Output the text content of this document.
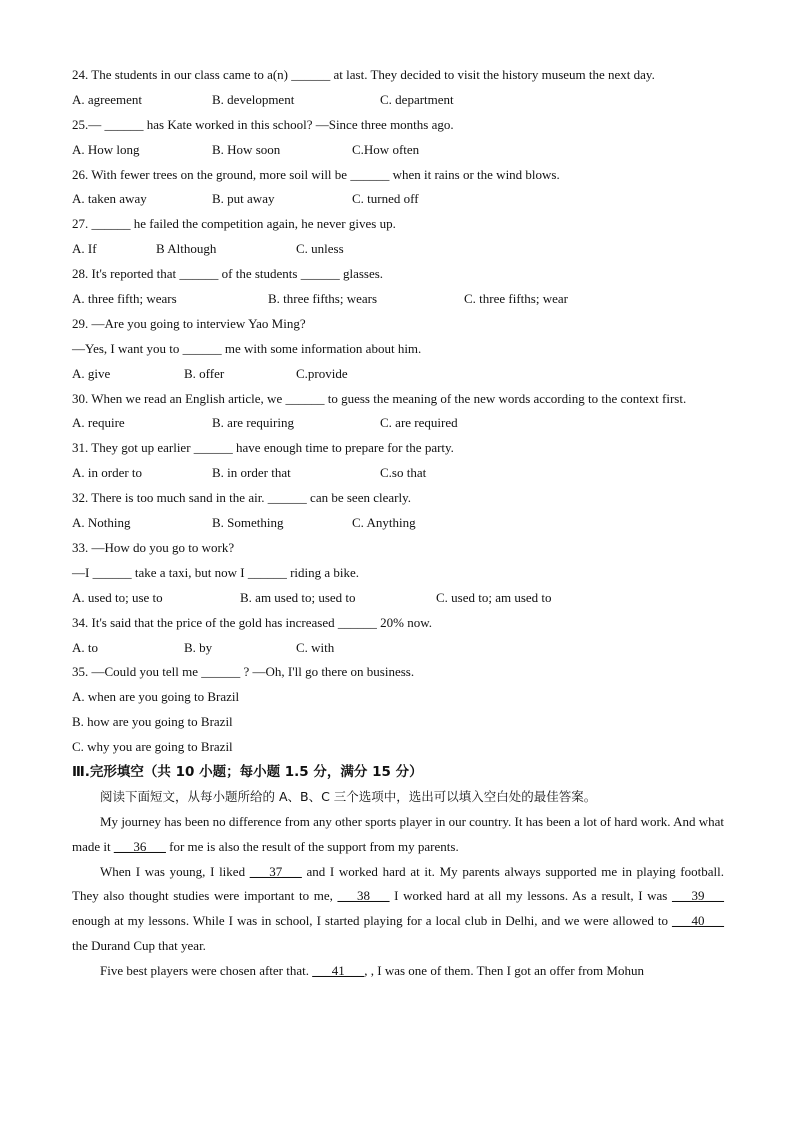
24. The students in our class came to a(n) ______ at last. They decided to visit the history museum the next day.
A. agreement	B. development	C. department
25.— ______ has Kate worked in this school? —Since three months ago.
A. How long	B. How soon	C.How often
26. With fewer trees on the ground, more soil will be ______ when it rains or the wind blows.
A. taken away	B. put away	C. turned off
27. ______ he failed the competition again, he never gives up.
A. If	B Although	C. unless
28. It's reported that ______ of the students ______ glasses.
A. three fifth; wears	B. three fifths; wears	C. three fifths; wear
29. —Are you going to interview Yao Ming?
—Yes, I want you to ______ me with some information about him.
A. give	B. offer	C.provide
30. When we read an English article, we ______ to guess the meaning of the new words according to the context first.
A. require	B. are requiring	C. are required
31. They got up earlier ______ have enough time to prepare for the party.
A. in order to	B. in order that	C.so that
32. There is too much sand in the air. ______ can be seen clearly.
A. Nothing	B. Something	C. Anything
33. —How do you go to work?
—I ______ take a taxi, but now I ______ riding a bike.
A. used to; use to	B. am used to; used to	C. used to; am used to
34. It's said that the price of the gold has increased ______ 20% now.
A. to	B. by	C. with
35. —Could you tell me ______ ? —Oh, I'll go there on business.
A. when are you going to Brazil
B. how are you going to Brazil
C. why you are going to Brazil
Ⅲ.完形填空（共 10 小题；每小题 1.5 分，满分 15 分）
阅读下面短文，从每小题所给的 A、B、C 三个选项中，选出可以填入空白处的最佳答案。
My journey has been no difference from any other sports player in our country. It has been a lot of hard work. And what made it ___36___ for me is also the result of the support from my parents.
When I was young, I liked ___37___ and I worked hard at it. My parents always supported me in playing football. They also thought studies were important to me, ___38___ I worked hard at all my lessons. As a result, I was ___39___ enough at my lessons. While I was in school, I started playing for a local club in Delhi, and we were allowed to ___40___ the Durand Cup that year.
Five best players were chosen after that. ___41___, , I was one of them. Then I got an offer from Mohun
